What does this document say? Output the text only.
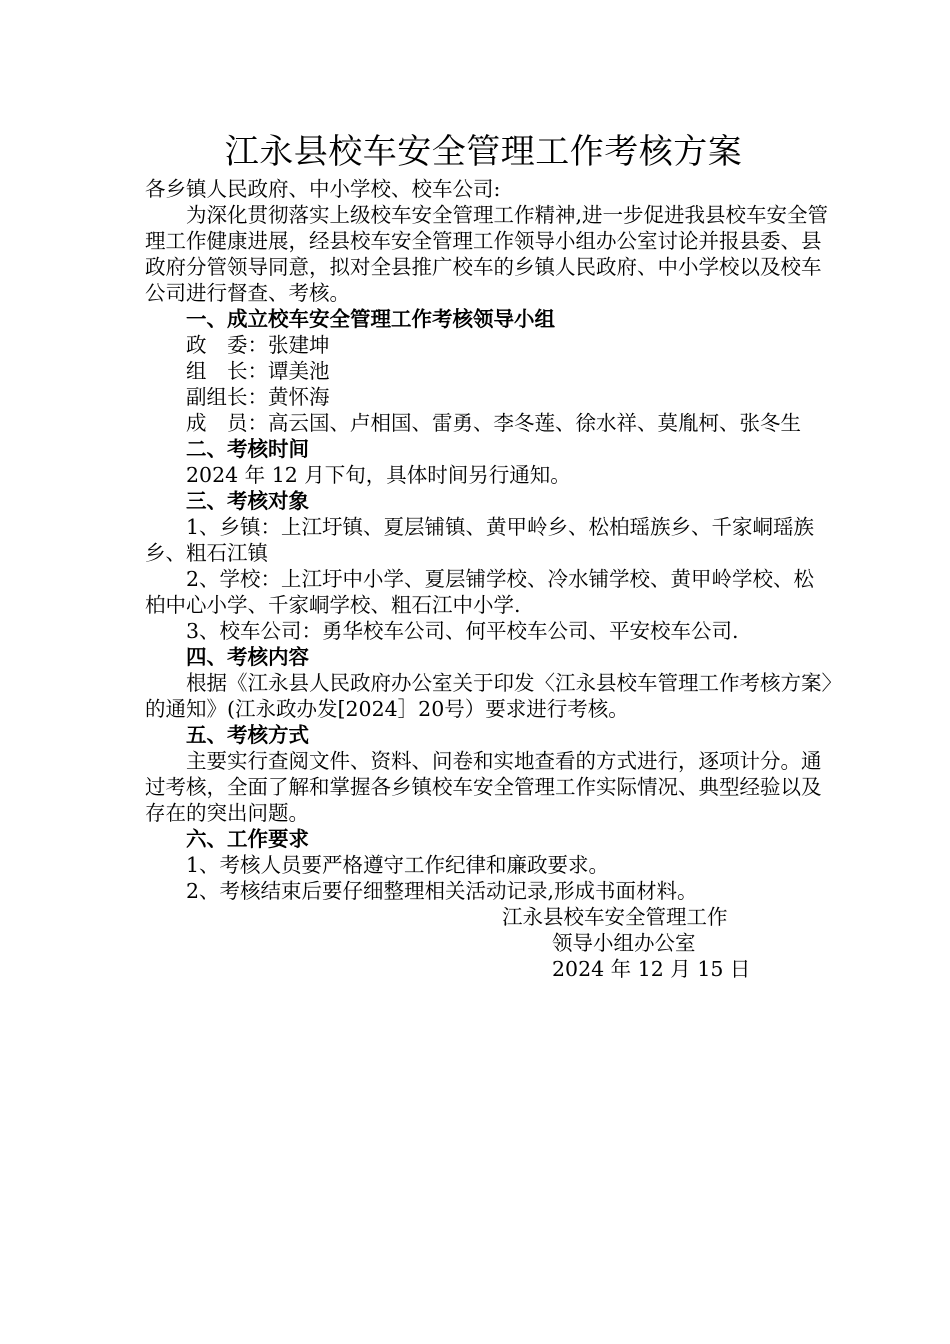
江永县校车安全管理工作考核方案

各乡镇人民政府、中小学校、校车公司:

为深化贯彻落实上级校车安全管理工作精神,进一步促进我县校车安全管理工作健康进展，经县校车安全管理工作领导小组办公室讨论并报县委、县政府分管领导同意，拟对全县推广校车的乡镇人民政府、中小学校以及校车公司进行督查、考核。

一、成立校车安全管理工作考核领导小组

政　委：张建坤

组　长：谭美池

副组长：黄怀海

成　员：高云国、卢相国、雷勇、李冬莲、徐水祥、莫胤柯、张冬生

二、考核时间

2024 年 12 月下旬，具体时间另行通知。

三、考核对象

1、乡镇：上江圩镇、夏层铺镇、黄甲岭乡、松柏瑶族乡、千家峒瑶族乡、粗石江镇

2、学校：上江圩中小学、夏层铺学校、冷水铺学校、黄甲岭学校、松柏中心小学、千家峒学校、粗石江中小学.

3、校车公司：勇华校车公司、何平校车公司、平安校车公司.

四、考核内容

根据《江永县人民政府办公室关于印发〈江永县校车管理工作考核方案〉的通知》(江永政办发[2024］20号）要求进行考核。

五、考核方式

主要实行查阅文件、资料、问卷和实地查看的方式进行，逐项计分。通过考核，全面了解和掌握各乡镇校车安全管理工作实际情况、典型经验以及存在的突出问题。

六、工作要求

1、考核人员要严格遵守工作纪律和廉政要求。

2、考核结束后要仔细整理相关活动记录,形成书面材料。

江永县校车安全管理工作

领导小组办公室

2024 年 12 月 15 日
